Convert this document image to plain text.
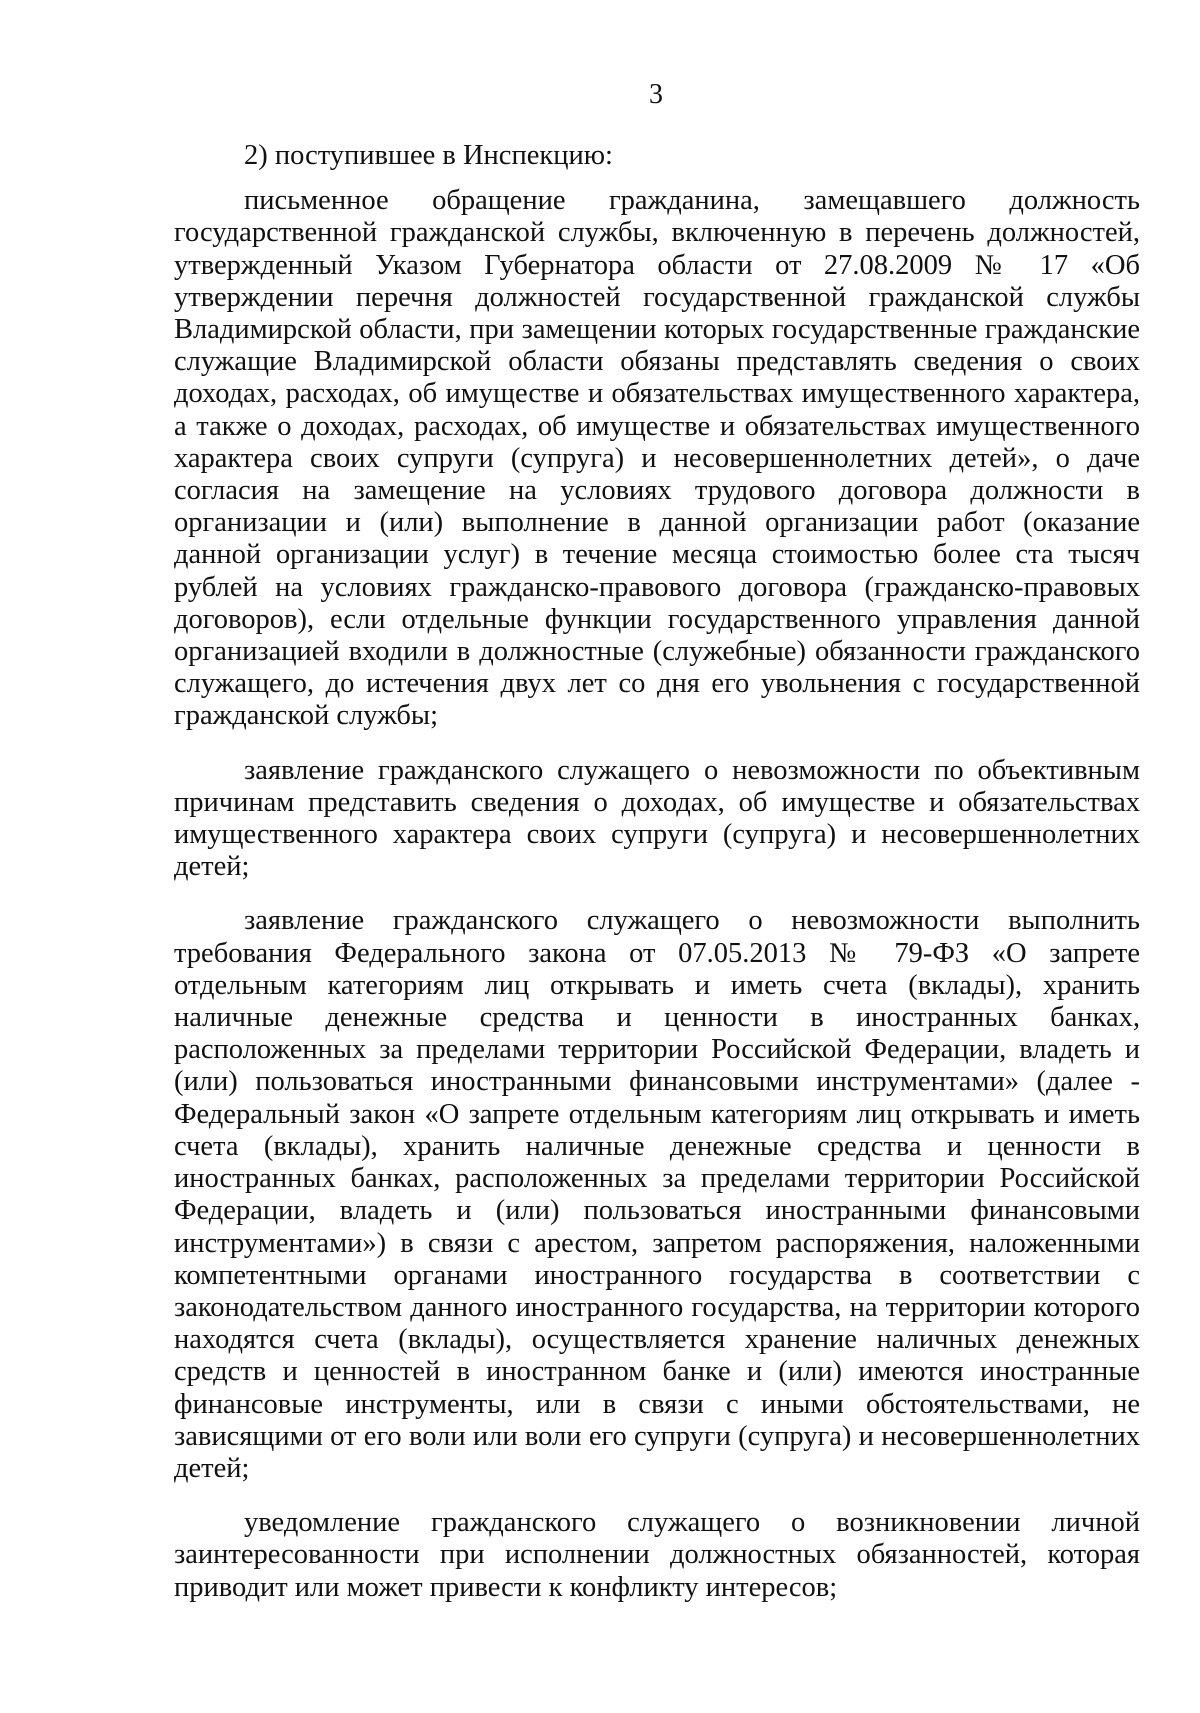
3

2) поступившее в Инспекцию:

письменное обращение гражданина, замещавшего должность государственной гражданской службы, включенную в перечень должностей, утвержденный Указом Губернатора области от 27.08.2009 № 17 «Об утверждении перечня должностей государственной гражданской службы Владимирской области, при замещении которых государственные гражданские служащие Владимирской области обязаны представлять сведения о своих доходах, расходах, об имуществе и обязательствах имущественного характера, а также о доходах, расходах, об имуществе и обязательствах имущественного характера своих супруги (супруга) и несовершеннолетних детей», о даче согласия на замещение на условиях трудового договора должности в организации и (или) выполнение в данной организации работ (оказание данной организации услуг) в течение месяца стоимостью более ста тысяч рублей на условиях гражданско-правового договора (гражданско-правовых договоров), если отдельные функции государственного управления данной организацией входили в должностные (служебные) обязанности гражданского служащего, до истечения двух лет со дня его увольнения с государственной гражданской службы;

заявление гражданского служащего о невозможности по объективным причинам представить сведения о доходах, об имуществе и обязательствах имущественного характера своих супруги (супруга) и несовершеннолетних детей;

заявление гражданского служащего о невозможности выполнить требования Федерального закона от 07.05.2013 № 79-ФЗ «О запрете отдельным категориям лиц открывать и иметь счета (вклады), хранить наличные денежные средства и ценности в иностранных банках, расположенных за пределами территории Российской Федерации, владеть и (или) пользоваться иностранными финансовыми инструментами» (далее - Федеральный закон «О запрете отдельным категориям лиц открывать и иметь счета (вклады), хранить наличные денежные средства и ценности в иностранных банках, расположенных за пределами территории Российской Федерации, владеть и (или) пользоваться иностранными финансовыми инструментами») в связи с арестом, запретом распоряжения, наложенными компетентными органами иностранного государства в соответствии с законодательством данного иностранного государства, на территории которого находятся счета (вклады), осуществляется хранение наличных денежных средств и ценностей в иностранном банке и (или) имеются иностранные финансовые инструменты, или в связи с иными обстоятельствами, не зависящими от его воли или воли его супруги (супруга) и несовершеннолетних детей;

уведомление гражданского служащего о возникновении личной заинтересованности при исполнении должностных обязанностей, которая приводит или может привести к конфликту интересов;
